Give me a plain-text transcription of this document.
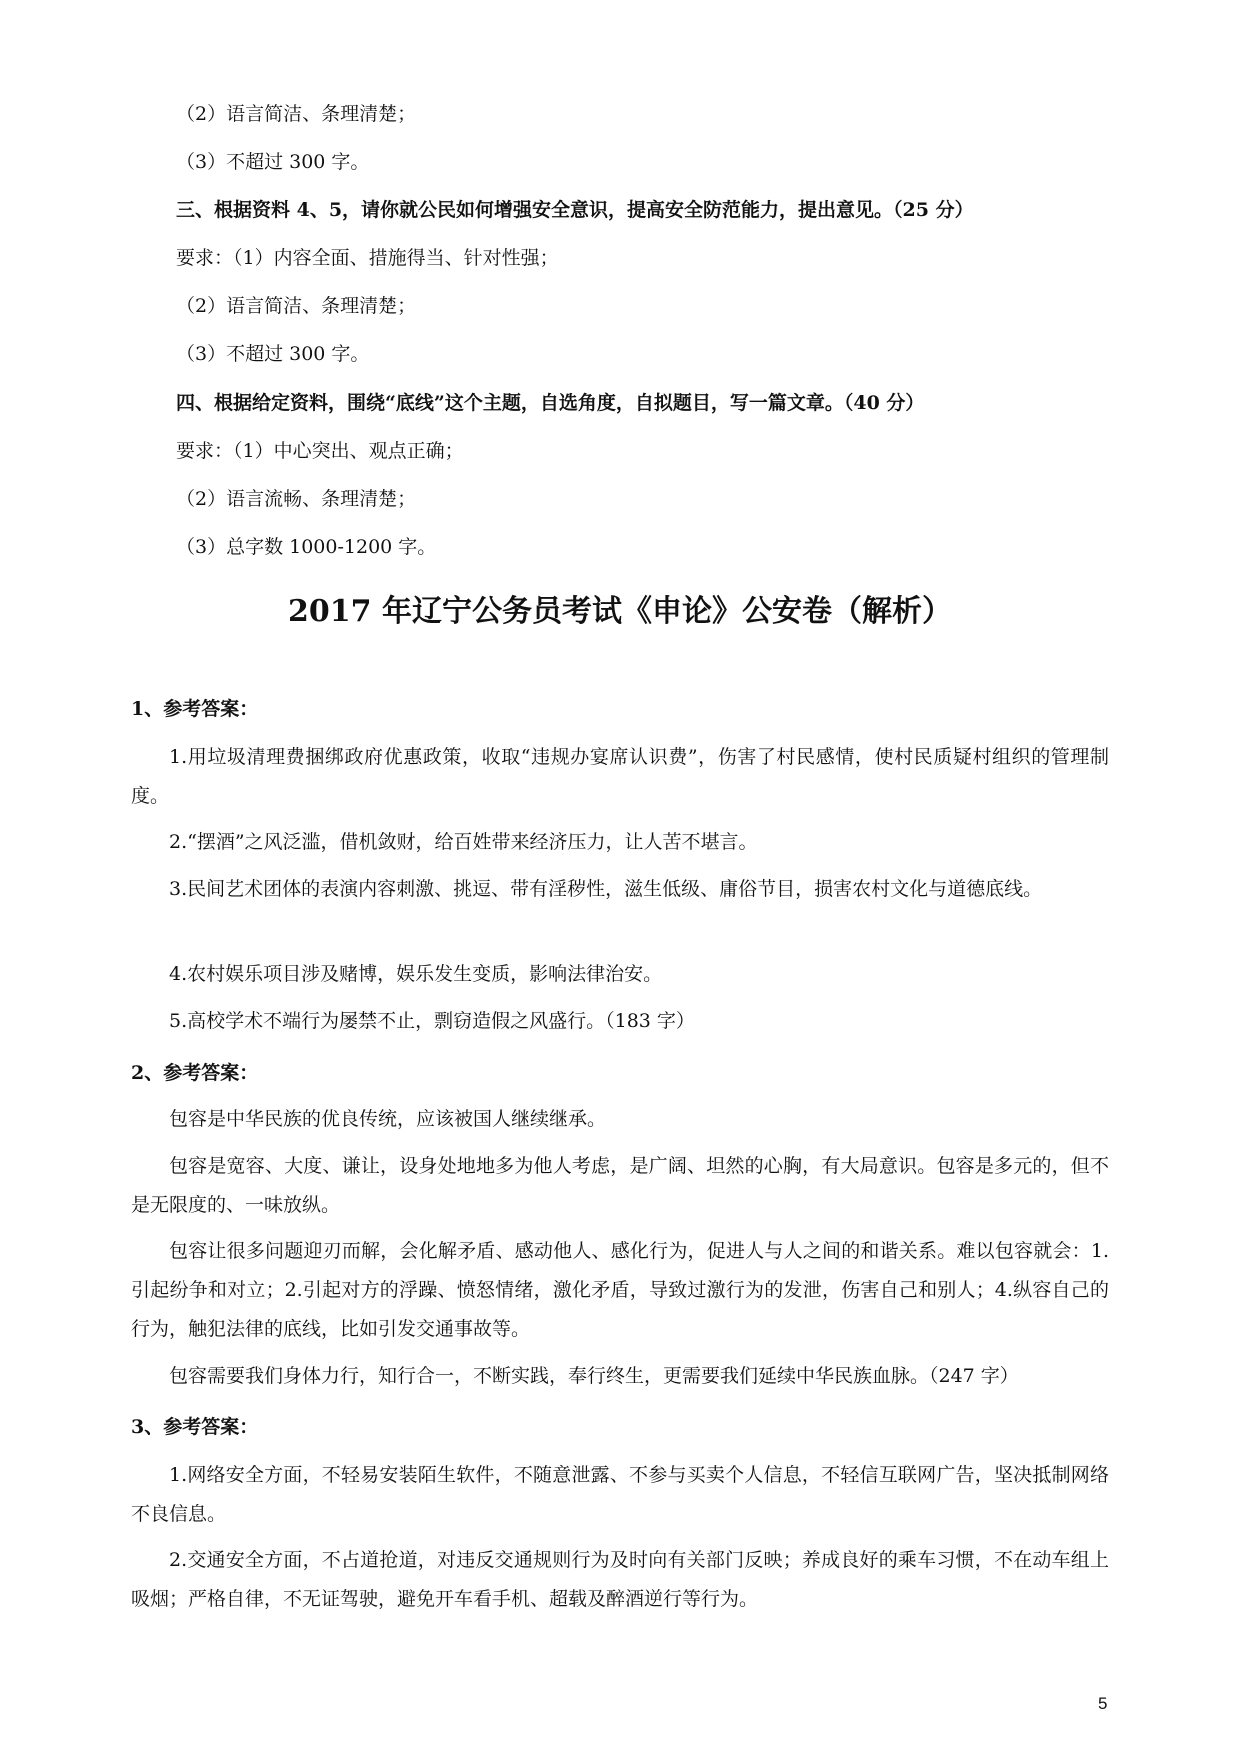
（2）语言简洁、条理清楚；
（3）不超过 300 字。
三、根据资料 4、5，请你就公民如何增强安全意识，提高安全防范能力，提出意见。（25 分）
要求：（1）内容全面、措施得当、针对性强；
（2）语言简洁、条理清楚；
（3）不超过 300 字。
四、根据给定资料，围绕“底线”这个主题，自选角度，自拟题目，写一篇文章。（40 分）
要求：（1）中心突出、观点正确；
（2）语言流畅、条理清楚；
（3）总字数 1000-1200 字。
2017 年辽宁公务员考试《申论》公安卷（解析）
1、参考答案：
1.用垃圾清理费捆绑政府优惠政策，收取“违规办宴席认识费”，伤害了村民感情，使村民质疑村组织的管理制度。
2.“摆酒”之风泛滥，借机敛财，给百姓带来经济压力，让人苦不堪言。
3.民间艺术团体的表演内容刺激、挑逗、带有淫秽性，滋生低级、庸俗节目，损害农村文化与道德底线。
4.农村娱乐项目涉及赌博，娱乐发生变质，影响法律治安。
5.高校学术不端行为屡禁不止，剽窃造假之风盛行。（183 字）
2、参考答案：
包容是中华民族的优良传统，应该被国人继续继承。
包容是宽容、大度、谦让，设身处地地多为他人考虑，是广阔、坦然的心胸，有大局意识。包容是多元的，但不是无限度的、一味放纵。
包容让很多问题迎刃而解，会化解矛盾、感动他人、感化行为，促进人与人之间的和谐关系。难以包容就会：1.引起纷争和对立；2.引起对方的浮躁、愤怒情绪，激化矛盾，导致过激行为的发泄，伤害自己和别人；4.纵容自己的行为，触犯法律的底线，比如引发交通事故等。
包容需要我们身体力行，知行合一，不断实践，奉行终生，更需要我们延续中华民族血脉。（247 字）
3、参考答案：
1.网络安全方面，不轻易安装陌生软件，不随意泄露、不参与买卖个人信息，不轻信互联网广告，坚决抵制网络不良信息。
2.交通安全方面，不占道抢道，对违反交通规则行为及时向有关部门反映；养成良好的乘车习惯，不在动车组上吸烟；严格自律，不无证驾驶，避免开车看手机、超载及醉酒逆行等行为。
5
